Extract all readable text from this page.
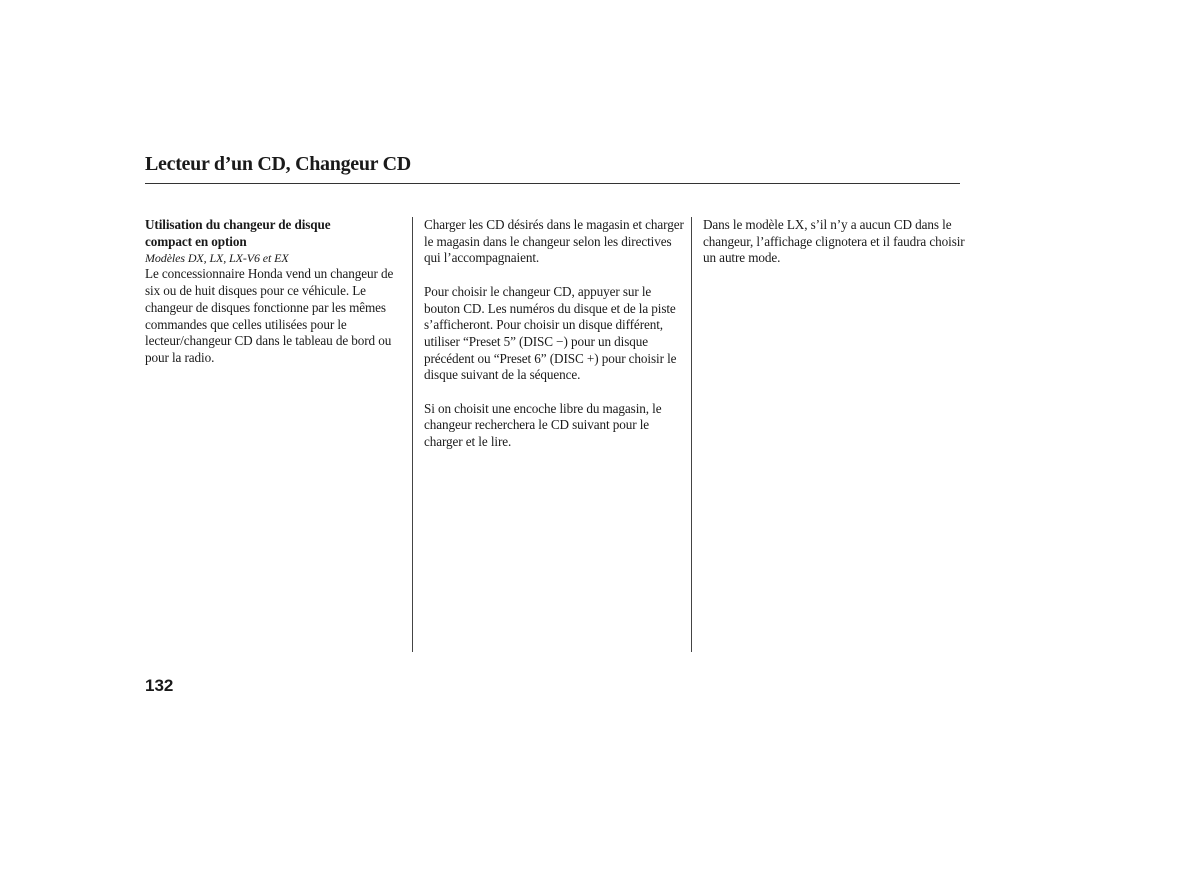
Lecteur d’un CD, Changeur CD

Utilisation du changeur de disque
compact en option

Modèles DX, LX, LX-V6 et EX

Le concessionnaire Honda vend un changeur de six ou de huit disques pour ce véhicule. Le changeur de disques fonctionne par les mêmes commandes que celles utilisées pour le lecteur/changeur CD dans le tableau de bord ou pour la radio.

Charger les CD désirés dans le magasin et charger le magasin dans le changeur selon les directives qui l’accompagnaient.

Pour choisir le changeur CD, appuyer sur le bouton CD. Les numéros du disque et de la piste s’afficheront. Pour choisir un disque différent, utiliser “Preset 5” (DISC −) pour un disque précédent ou “Preset 6” (DISC +) pour choisir le disque suivant de la séquence.

Si on choisit une encoche libre du magasin, le changeur recherchera le CD suivant pour le charger et le lire.

Dans le modèle LX, s’il n’y a aucun CD dans le changeur, l’affichage clignotera et il faudra choisir un autre mode.

132
